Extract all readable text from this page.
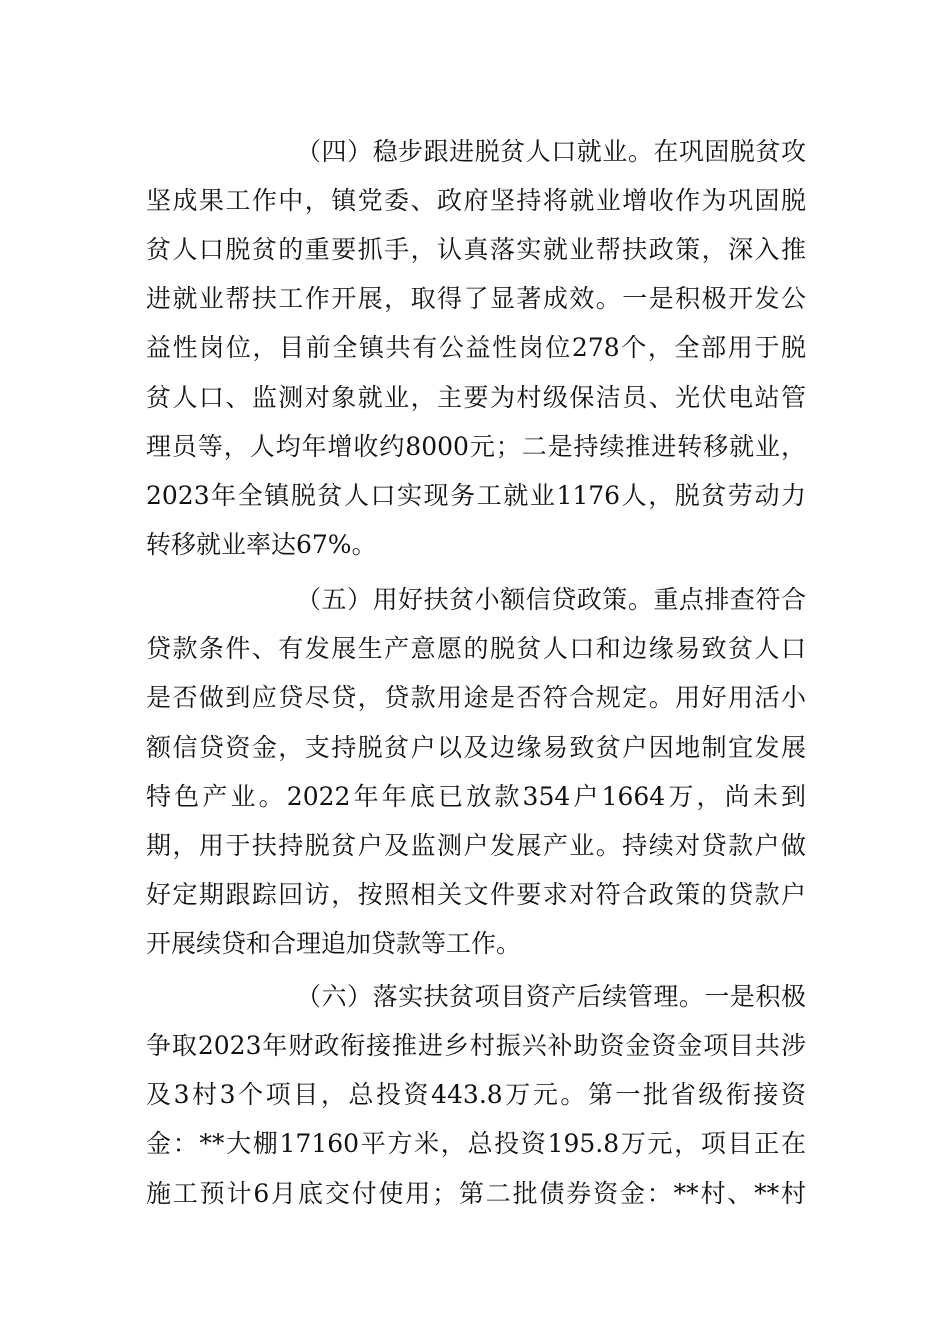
（四）稳步跟进脱贫人口就业。在巩固脱贫攻
坚成果工作中，镇党委、政府坚持将就业增收作为巩固脱
贫人口脱贫的重要抓手，认真落实就业帮扶政策，深入推
进就业帮扶工作开展，取得了显著成效。一是积极开发公
益性岗位，目前全镇共有公益性岗位278个，全部用于脱
贫人口、监测对象就业，主要为村级保洁员、光伏电站管
理员等，人均年增收约8000元；二是持续推进转移就业，
2023年全镇脱贫人口实现务工就业1176人，脱贫劳动力
转移就业率达67%。
（五）用好扶贫小额信贷政策。重点排查符合
贷款条件、有发展生产意愿的脱贫人口和边缘易致贫人口
是否做到应贷尽贷，贷款用途是否符合规定。用好用活小
额信贷资金，支持脱贫户以及边缘易致贫户因地制宜发展
特色产业。2022年年底已放款354户1664万，尚未到
期，用于扶持脱贫户及监测户发展产业。持续对贷款户做
好定期跟踪回访，按照相关文件要求对符合政策的贷款户
开展续贷和合理追加贷款等工作。
（六）落实扶贫项目资产后续管理。一是积极
争取2023年财政衔接推进乡村振兴补助资金资金项目共涉
及3村3个项目，总投资443.8万元。第一批省级衔接资
金：**大棚17160平方米，总投资195.8万元，项目正在
施工预计6月底交付使用；第二批债券资金：**村、**村
